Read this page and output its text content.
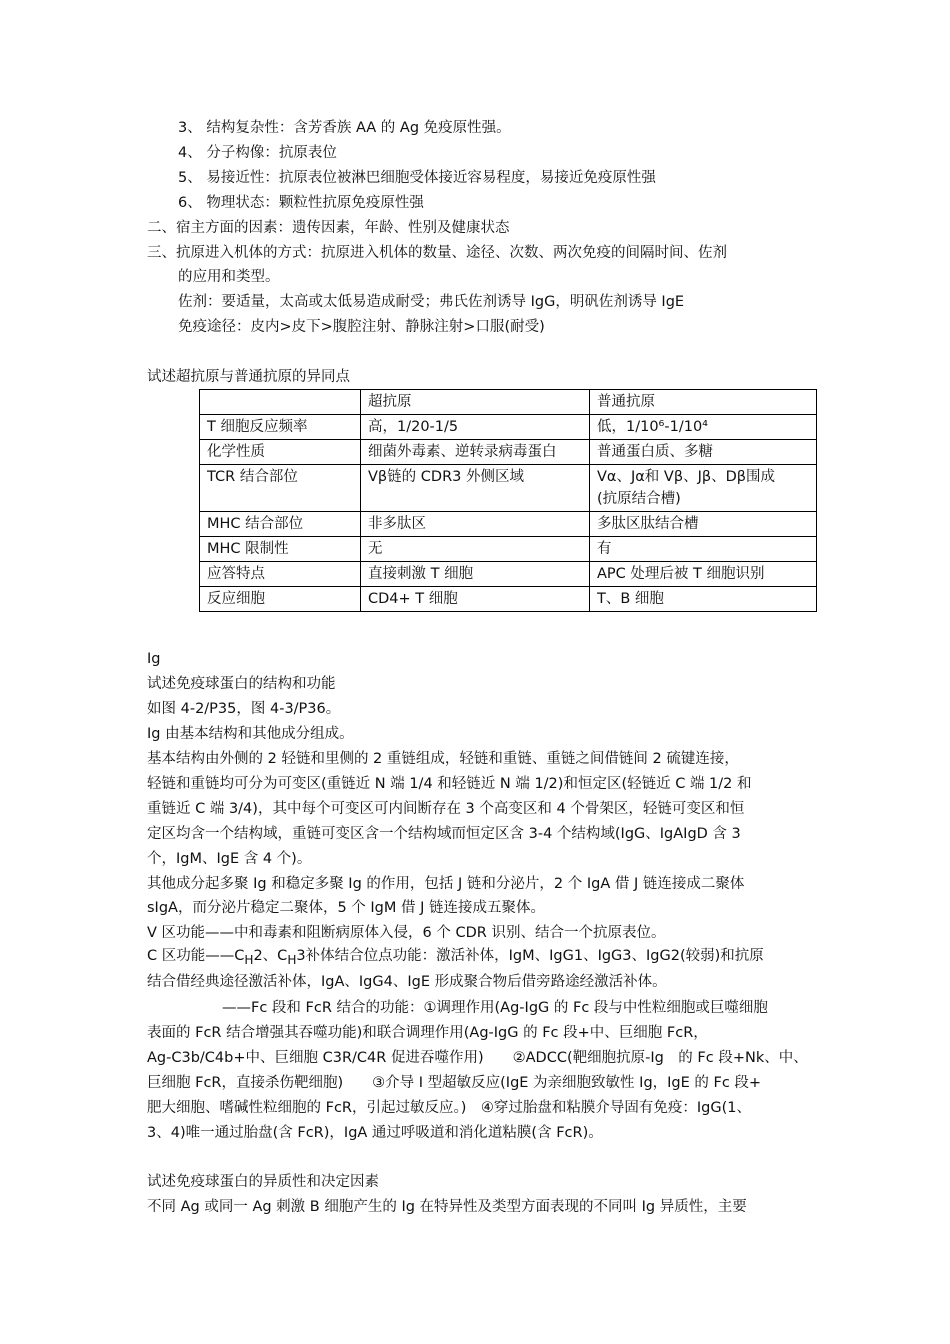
3、 结构复杂性：含芳香族 AA 的 Ag 免疫原性强。
4、 分子构像：抗原表位
5、 易接近性：抗原表位被淋巴细胞受体接近容易程度，易接近免疫原性强
6、 物理状态：颗粒性抗原免疫原性强
二、宿主方面的因素：遗传因素，年龄、性别及健康状态
三、抗原进入机体的方式：抗原进入机体的数量、途径、次数、两次免疫的间隔时间、佐剂
的应用和类型。
佐剂：要适量，太高或太低易造成耐受；弗氏佐剂诱导 IgG，明矾佐剂诱导 IgE
免疫途径：皮内>皮下>腹腔注射、静脉注射>口服(耐受)
试述超抗原与普通抗原的异同点
	超抗原	普通抗原
T 细胞反应频率	高，1/20-1/5	低，1/10⁶-1/10⁴
化学性质	细菌外毒素、逆转录病毒蛋白	普通蛋白质、多糖
TCR 结合部位	Vβ链的 CDR3 外侧区域	Vα、Jα和 Vβ、Jβ、Dβ围成
(抗原结合槽)

MHC 结合部位	非多肽区	多肽区肽结合槽
MHC 限制性	无	有
应答特点	直接刺激 T 细胞	APC 处理后被 T 细胞识别
反应细胞	CD4+ T 细胞	T、B 细胞
Ig
试述免疫球蛋白的结构和功能
如图 4-2/P35，图 4-3/P36。
Ig 由基本结构和其他成分组成。
基本结构由外侧的 2 轻链和里侧的 2 重链组成，轻链和重链、重链之间借链间 2 硫键连接，
轻链和重链均可分为可变区(重链近 N 端 1/4 和轻链近 N 端 1/2)和恒定区(轻链近 C 端 1/2 和
重链近 C 端 3/4)，其中每个可变区可内间断存在 3 个高变区和 4 个骨架区，轻链可变区和恒
定区均含一个结构域，重链可变区含一个结构域而恒定区含 3-4 个结构域(IgG、IgAIgD 含 3
个，IgM、IgE 含 4 个)。
其他成分起多聚 Ig 和稳定多聚 Ig 的作用，包括 J 链和分泌片，2 个 IgA 借 J 链连接成二聚体
sIgA，而分泌片稳定二聚体，5 个 IgM 借 J 链连接成五聚体。
V 区功能——中和毒素和阻断病原体入侵，6 个 CDR 识别、结合一个抗原表位。
C 区功能$——C_H2$、$C_H3$补体结合位点功能：激活补体，IgM、IgG1、IgG3、IgG2(较弱)和抗原
结合借经典途径激活补体，IgA、IgG4、IgE 形成聚合物后借旁路途经激活补体。
——Fc 段和 FcR 结合的功能：①调理作用(Ag-IgG 的 Fc 段与中性粒细胞或巨噬细胞
表面的 FcR 结合增强其吞噬功能)和联合调理作用(Ag-IgG 的 Fc 段+中、巨细胞 FcR，
Ag-C3b/C4b+中、巨细胞 C3R/C4R 促进吞噬作用)　　②ADCC(靶细胞抗原-Ig　的 Fc 段+Nk、中、
巨细胞 FcR，直接杀伤靶细胞)　　③介导 I 型超敏反应(IgE 为亲细胞致敏性 Ig，IgE 的 Fc 段+
肥大细胞、嗜碱性粒细胞的 FcR，引起过敏反应。)　④穿过胎盘和粘膜介导固有免疫：IgG(1、
3、4)唯一通过胎盘(含 FcR)，IgA 通过呼吸道和消化道粘膜(含 FcR)。
试述免疫球蛋白的异质性和决定因素
不同 Ag 或同一 Ag 刺激 B 细胞产生的 Ig 在特异性及类型方面表现的不同叫 Ig 异质性，主要
